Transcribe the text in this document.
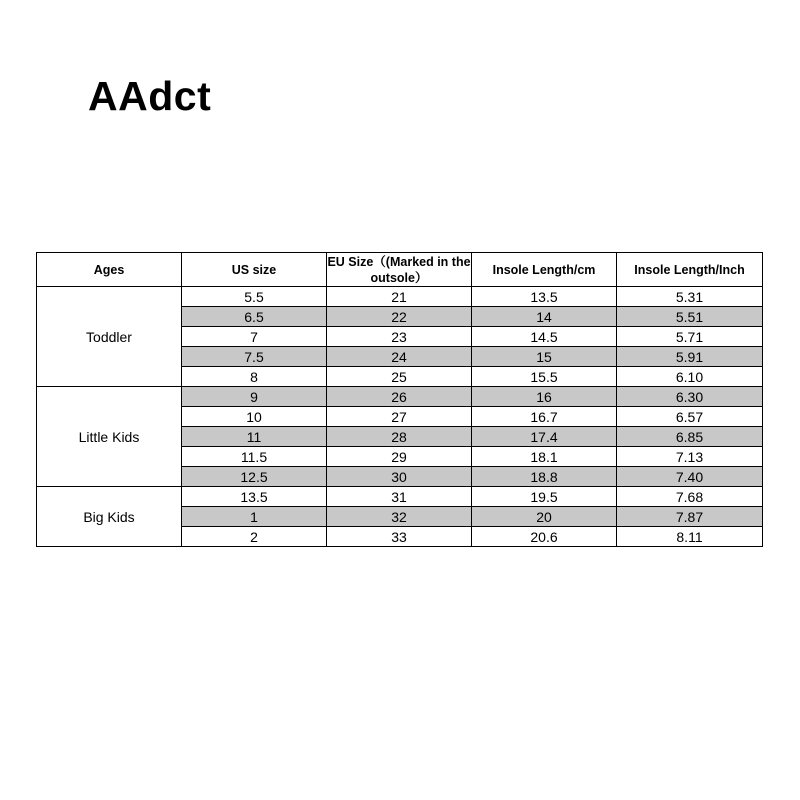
AAdct
Ages	US size	EU Size（(Marked in the outsole）	Insole Length/cm	Insole Length/Inch
Toddler	5.5	21	13.5	5.31
	6.5	22	14	5.51
	7	23	14.5	5.71
	7.5	24	15	5.91
	8	25	15.5	6.10
Little Kids	9	26	16	6.30
	10	27	16.7	6.57
	11	28	17.4	6.85
	11.5	29	18.1	7.13
	12.5	30	18.8	7.40
Big Kids	13.5	31	19.5	7.68
	1	32	20	7.87
	2	33	20.6	8.11
